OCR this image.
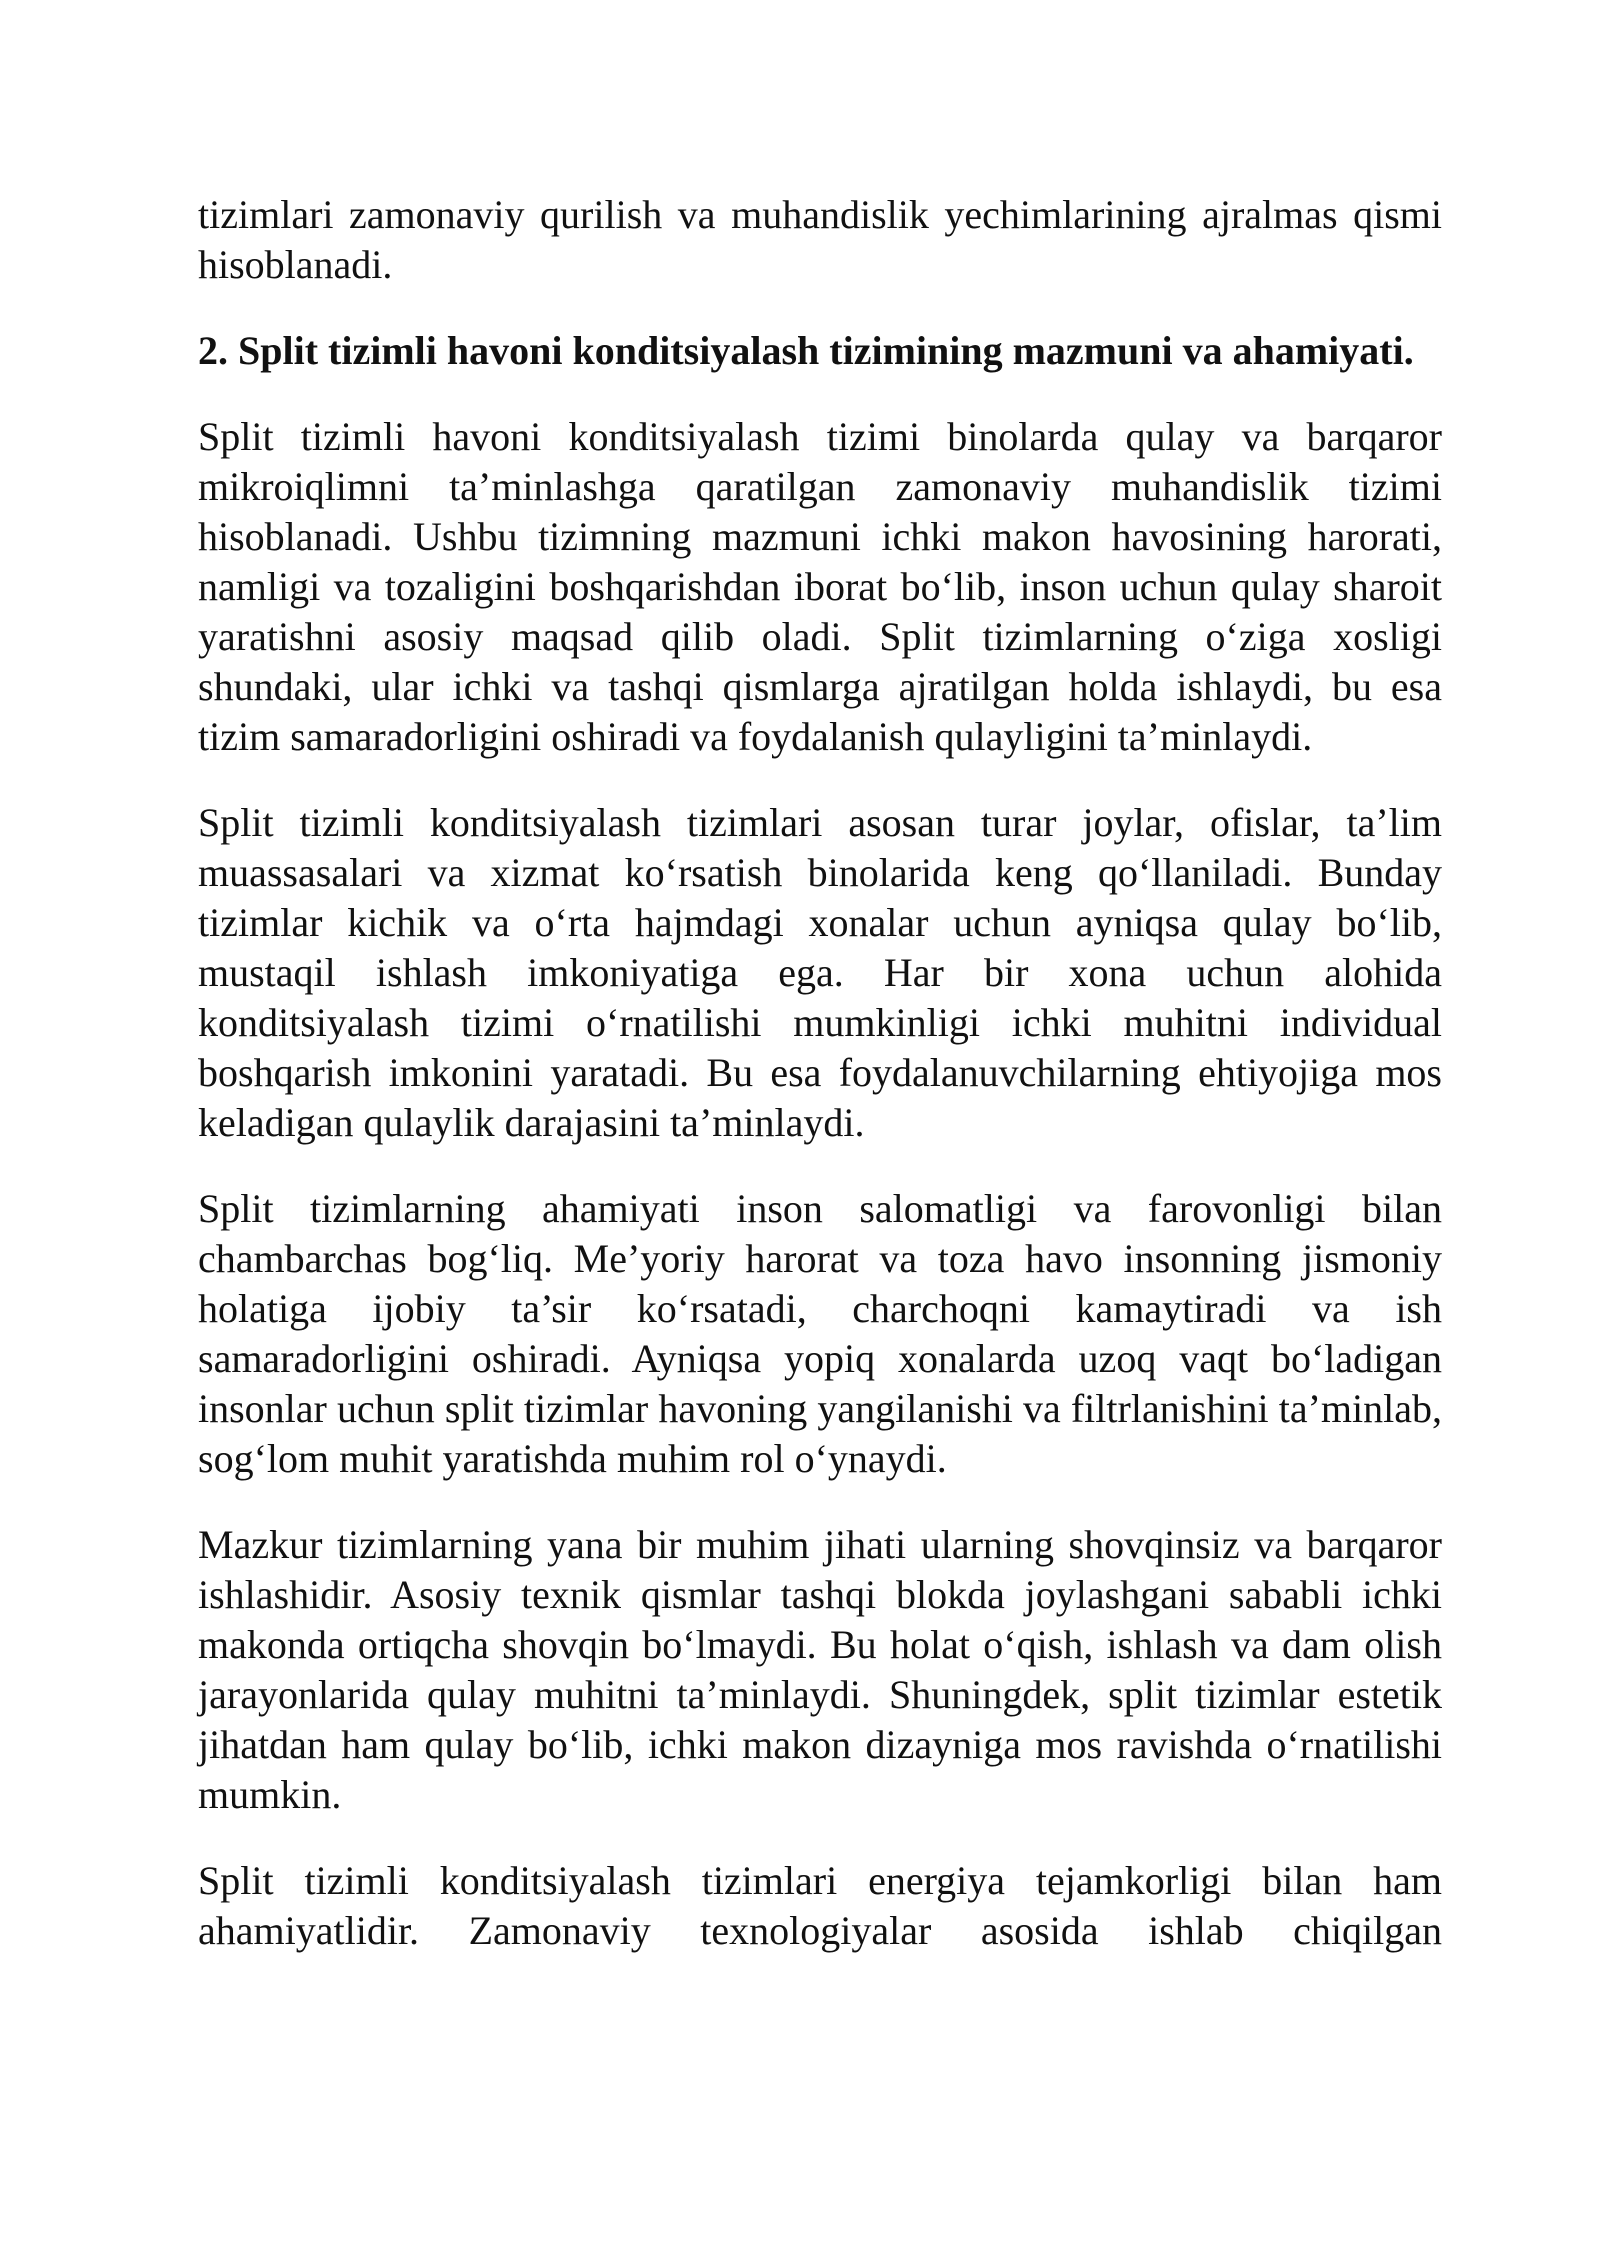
tizimlari zamonaviy qurilish va muhandislik yechimlarining ajralmas qismi hisoblanadi.

2. Split tizimli havoni konditsiyalash tizimining mazmuni va ahamiyati.

Split tizimli havoni konditsiyalash tizimi binolarda qulay va barqaror mikroiqlimni ta’minlashga qaratilgan zamonaviy muhandislik tizimi hisoblanadi. Ushbu tizimning mazmuni ichki makon havosining harorati, namligi va tozaligini boshqarishdan iborat bo‘lib, inson uchun qulay sharoit yaratishni asosiy maqsad qilib oladi. Split tizimlarning o‘ziga xosligi shundaki, ular ichki va tashqi qismlarga ajratilgan holda ishlaydi, bu esa tizim samaradorligini oshiradi va foydalanish qulayligini ta’minlaydi.

Split tizimli konditsiyalash tizimlari asosan turar joylar, ofislar, ta’lim muassasalari va xizmat ko‘rsatish binolarida keng qo‘llaniladi. Bunday tizimlar kichik va o‘rta hajmdagi xonalar uchun ayniqsa qulay bo‘lib, mustaqil ishlash imkoniyatiga ega. Har bir xona uchun alohida konditsiyalash tizimi o‘rnatilishi mumkinligi ichki muhitni individual boshqarish imkonini yaratadi. Bu esa foydalanuvchilarning ehtiyojiga mos keladigan qulaylik darajasini ta’minlaydi.

Split tizimlarning ahamiyati inson salomatligi va farovonligi bilan chambarchas bog‘liq. Me’yoriy harorat va toza havo insonning jismoniy holatiga ijobiy ta’sir ko‘rsatadi, charchoqni kamaytiradi va ish samaradorligini oshiradi. Ayniqsa yopiq xonalarda uzoq vaqt bo‘ladigan insonlar uchun split tizimlar havoning yangilanishi va filtrlanishini ta’minlab, sog‘lom muhit yaratishda muhim rol o‘ynaydi.

Mazkur tizimlarning yana bir muhim jihati ularning shovqinsiz va barqaror ishlashidir. Asosiy texnik qismlar tashqi blokda joylashgani sababli ichki makonda ortiqcha shovqin bo‘lmaydi. Bu holat o‘qish, ishlash va dam olish jarayonlarida qulay muhitni ta’minlaydi. Shuningdek, split tizimlar estetik jihatdan ham qulay bo‘lib, ichki makon dizayniga mos ravishda o‘rnatilishi mumkin.

Split tizimli konditsiyalash tizimlari energiya tejamkorligi bilan ham ahamiyatlidir. Zamonaviy texnologiyalar asosida ishlab chiqilgan
